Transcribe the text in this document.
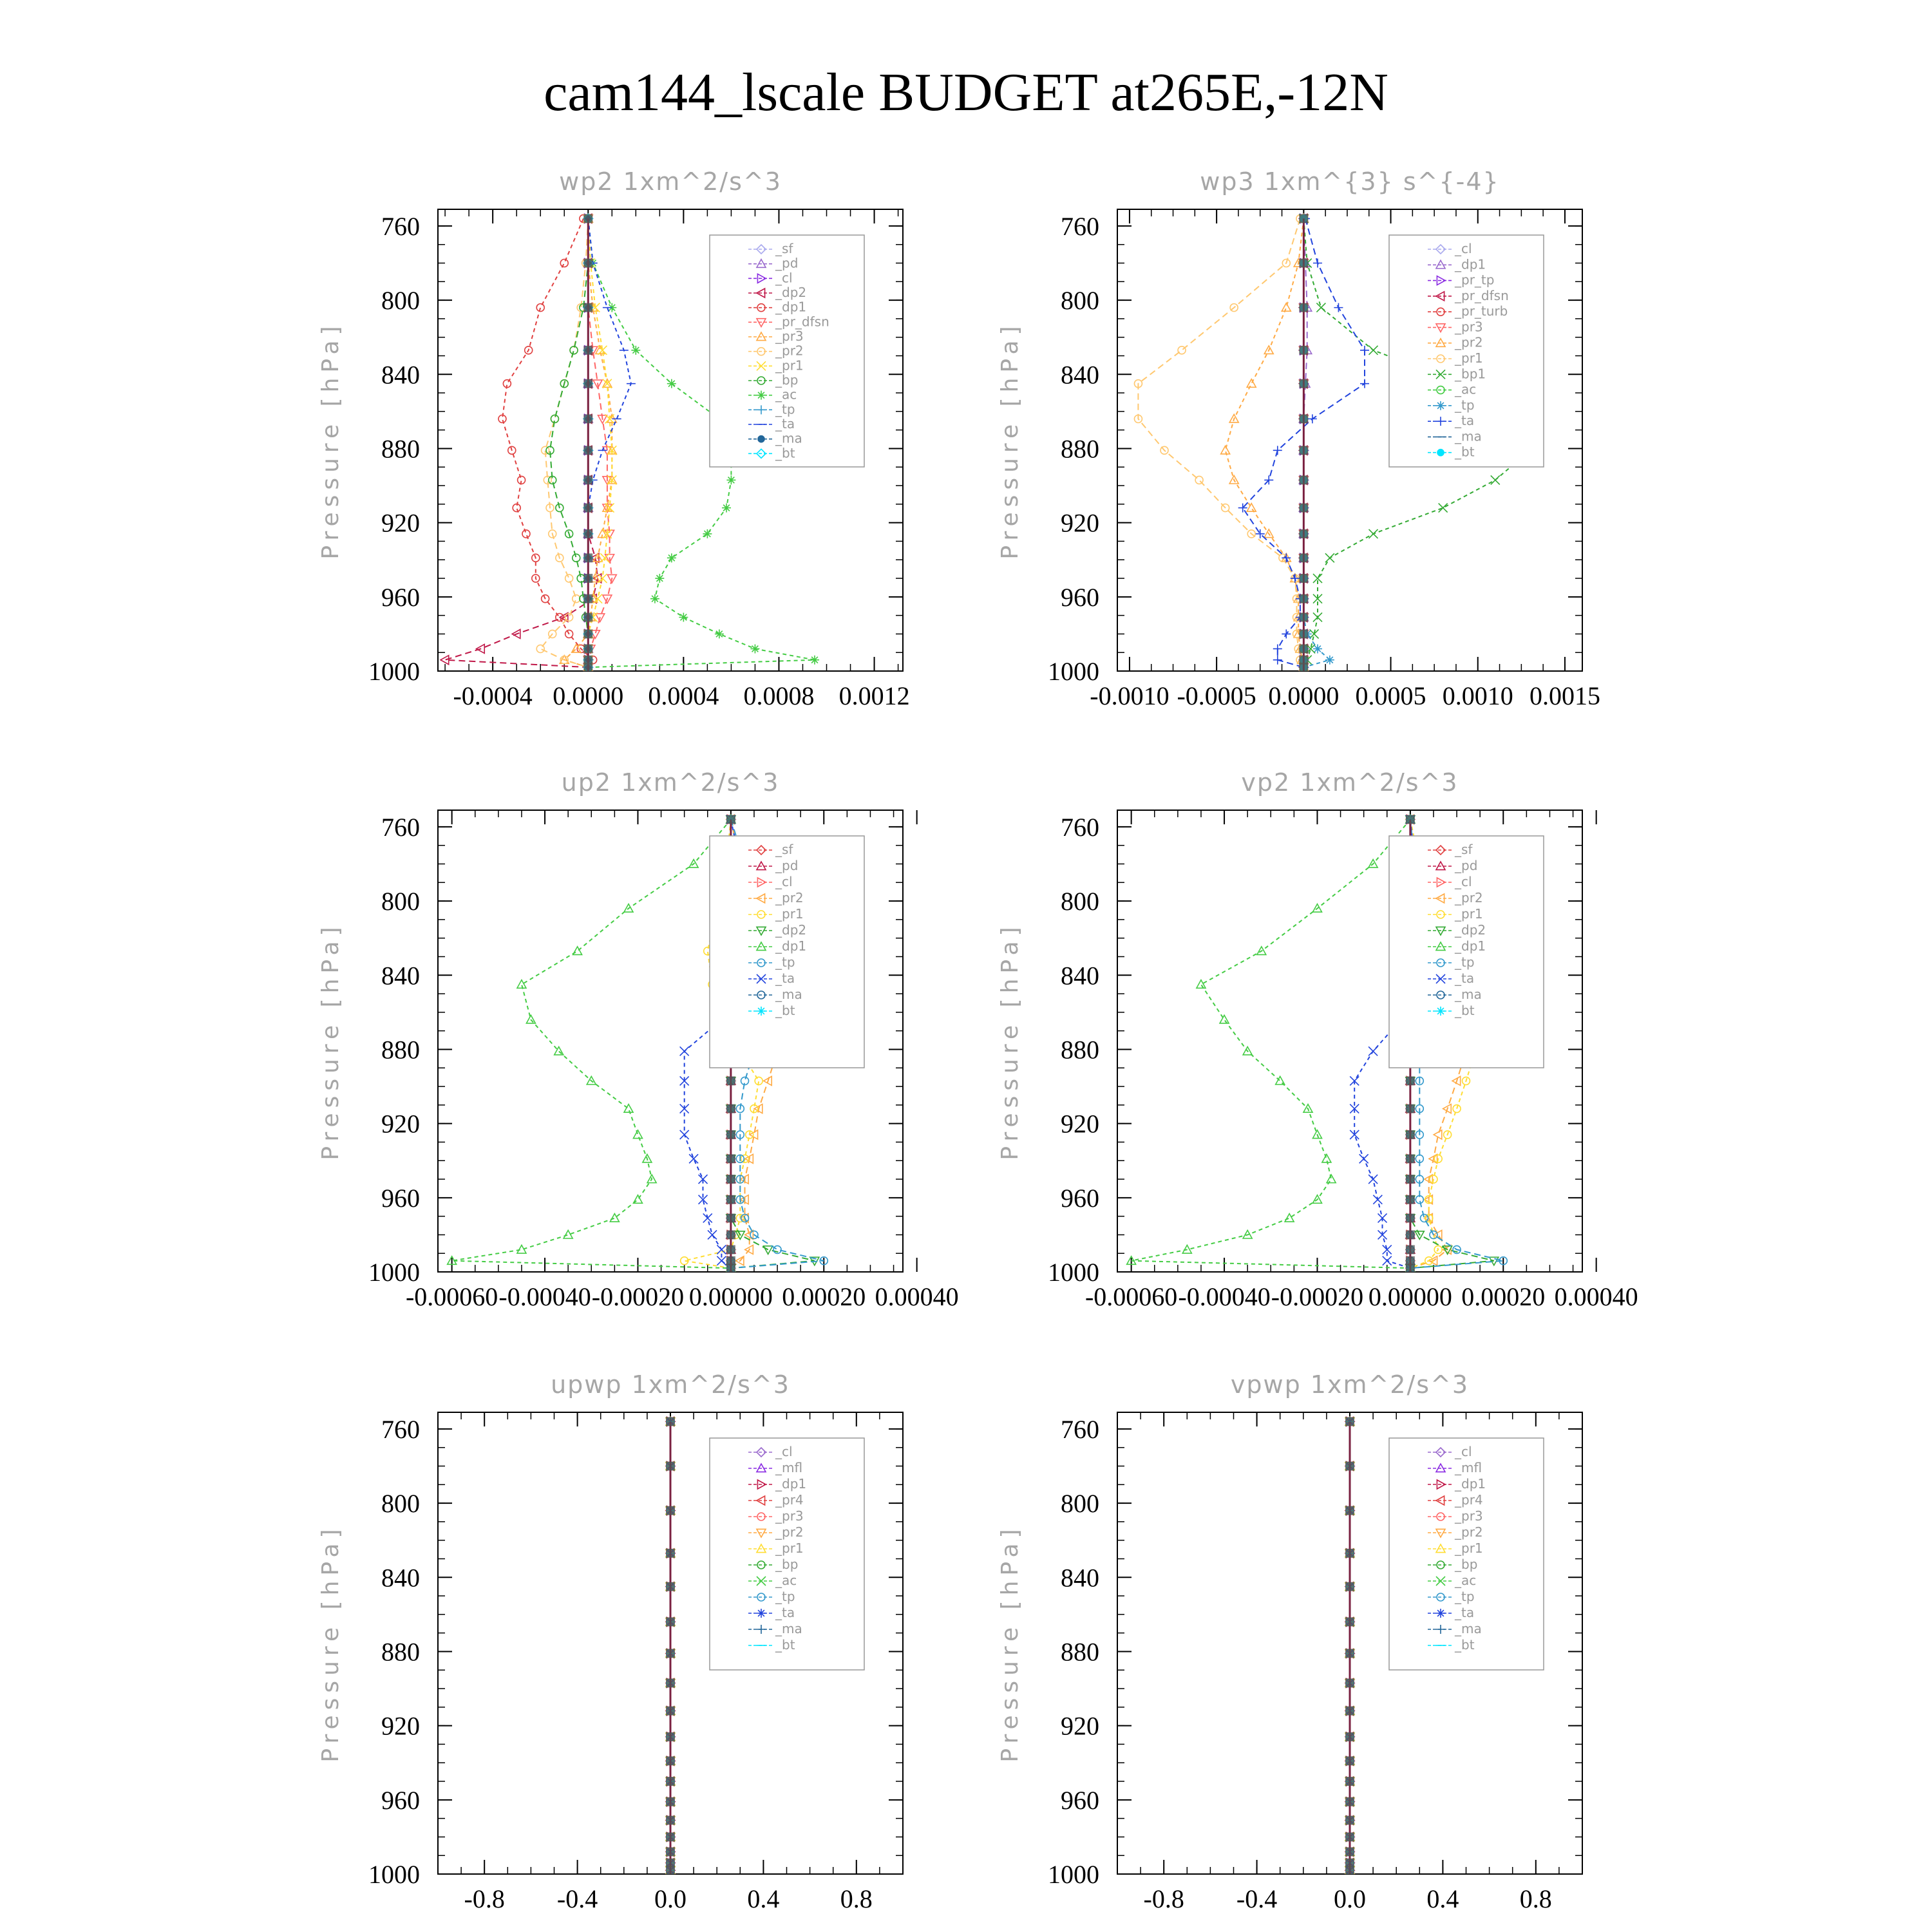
cam144_lscale BUDGET at265E,-12N
wp2 1xm^2/s^3
Pressure [hPa]
760
800
840
880
920
960
1000
-0.0004 0.0000 0.0004 0.0008 0.0012
_sf
_pd
_cl
_dp2
_dp1
_pr_dfsn
_pr3
_pr2
_pr1
_bp
_ac
_tp
_ta
_ma
_bt
wp3 1xm^{3} s^{-4}
Pressure [hPa]
760
800
840
880
920
960
1000
-0.0010 -0.0005 0.0000 0.0005 0.0010 0.0015
_cl
_dp1
_pr_tp
_pr_dfsn
_pr_turb
_pr3
_pr2
_pr1
_bp1
_ac
_tp
_ta
_ma
_bt
up2 1xm^2/s^3
Pressure [hPa]
760
800
840
880
920
960
1000
-0.00060 -0.00040 -0.00020 0.00000 0.00020 0.00040
_sf
_pd
_cl
_pr2
_pr1
_dp2
_dp1
_tp
_ta
_ma
_bt
vp2 1xm^2/s^3
Pressure [hPa]
760
800
840
880
920
960
1000
-0.00060 -0.00040 -0.00020 0.00000 0.00020 0.00040
_sf
_pd
_cl
_pr2
_pr1
_dp2
_dp1
_tp
_ta
_ma
_bt
upwp 1xm^2/s^3
Pressure [hPa]
760
800
840
880
920
960
1000
-0.8 -0.4 0.0 0.4 0.8
_cl
_mfl
_dp1
_pr4
_pr3
_pr2
_pr1
_bp
_ac
_tp
_ta
_ma
_bt
vpwp 1xm^2/s^3
Pressure [hPa]
760
800
840
880
920
960
1000
-0.8 -0.4 0.0 0.4 0.8
_cl
_mfl
_dp1
_pr4
_pr3
_pr2
_pr1
_bp
_ac
_tp
_ta
_ma
_bt
